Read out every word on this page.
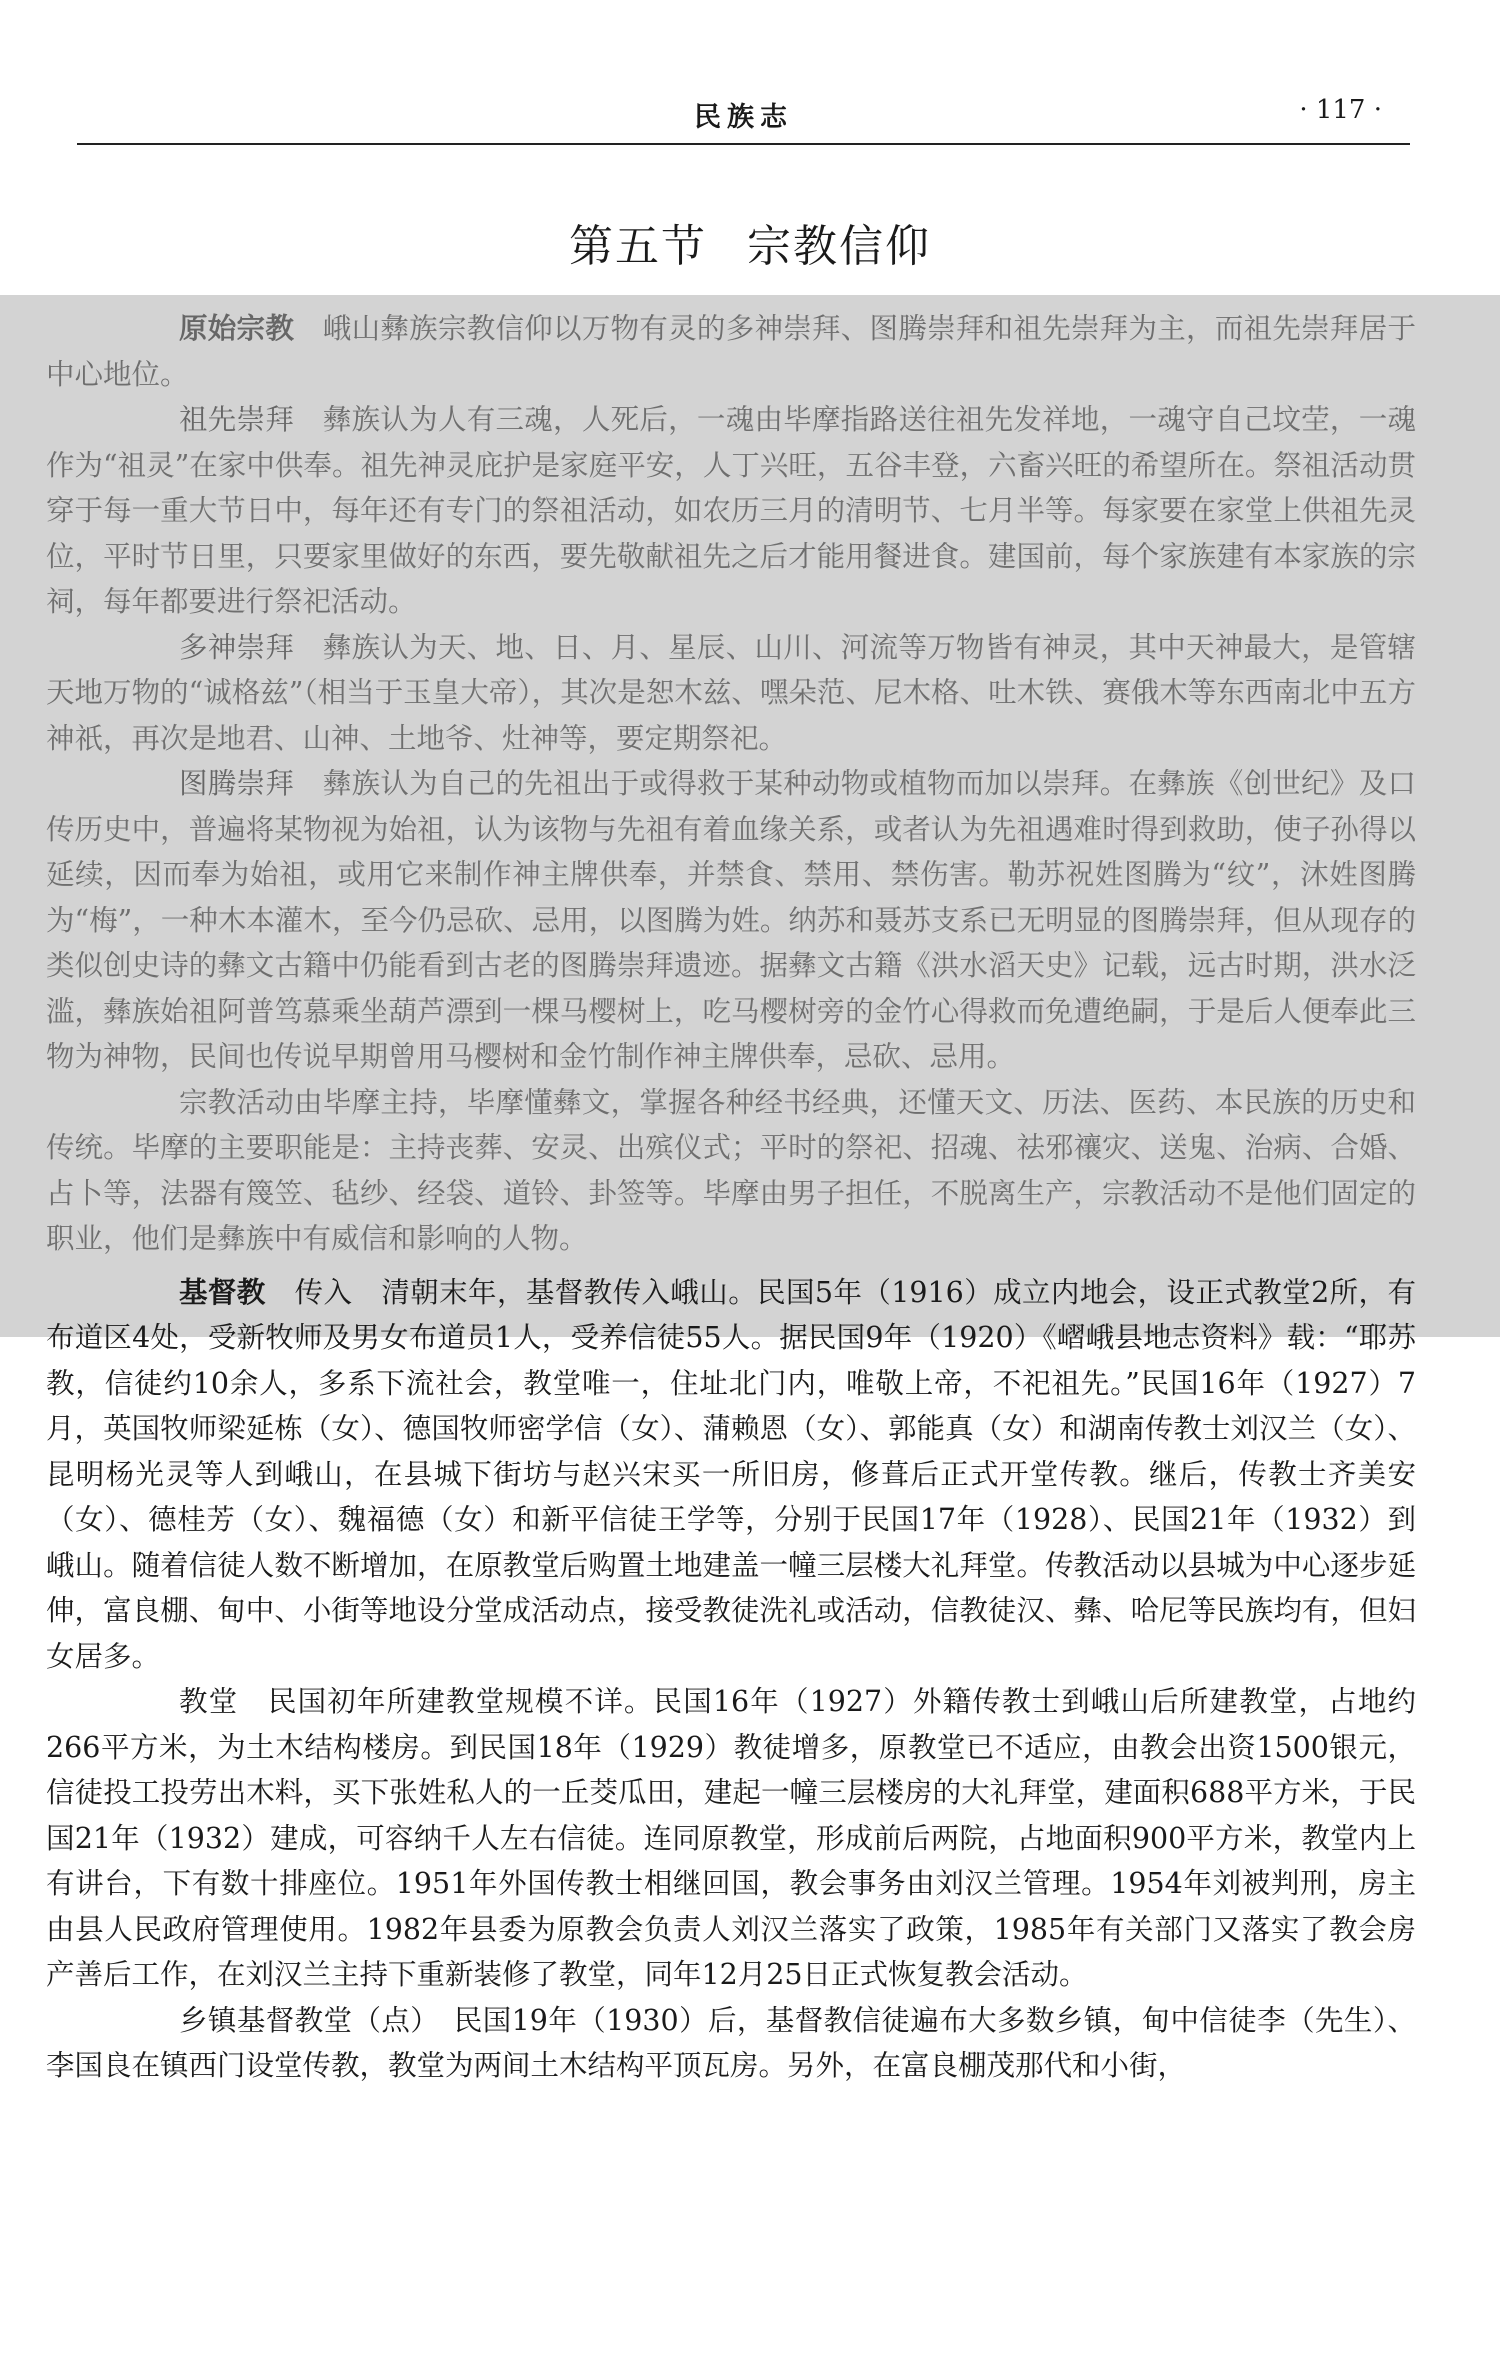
民族志	· 117 ·
第五节 宗教信仰

原始宗教　峨山彝族宗教信仰以万物有灵的多神崇拜、图腾崇拜和祖先崇拜为主，而祖先崇拜居于中心地位。

祖先崇拜　彝族认为人有三魂，人死后，一魂由毕摩指路送往祖先发祥地，一魂守自己坟茔，一魂作为“祖灵”在家中供奉。祖先神灵庇护是家庭平安，人丁兴旺，五谷丰登，六畜兴旺的希望所在。祭祖活动贯穿于每一重大节日中，每年还有专门的祭祖活动，如农历三月的清明节、七月半等。每家要在家堂上供祖先灵位，平时节日里，只要家里做好的东西，要先敬献祖先之后才能用餐进食。建国前，每个家族建有本家族的宗祠，每年都要进行祭祀活动。

多神崇拜　彝族认为天、地、日、月、星辰、山川、河流等万物皆有神灵，其中天神最大，是管辖天地万物的“诚格兹”（相当于玉皇大帝），其次是恕木兹、嘿朵范、尼木格、吐木铁、赛俄木等东西南北中五方神祇，再次是地君、山神、土地爷、灶神等，要定期祭祀。

图腾崇拜　彝族认为自己的先祖出于或得救于某种动物或植物而加以崇拜。在彝族《创世纪》及口传历史中，普遍将某物视为始祖，认为该物与先祖有着血缘关系，或者认为先祖遇难时得到救助，使子孙得以延续，因而奉为始祖，或用它来制作神主牌供奉，并禁食、禁用、禁伤害。勒苏祝姓图腾为“纹”，沐姓图腾为“梅”，一种木本灌木，至今仍忌砍、忌用，以图腾为姓。纳苏和聂苏支系已无明显的图腾崇拜，但从现存的类似创史诗的彝文古籍中仍能看到古老的图腾崇拜遗迹。据彝文古籍《洪水滔天史》记载，远古时期，洪水泛滥，彝族始祖阿普笃慕乘坐葫芦漂到一棵马樱树上，吃马樱树旁的金竹心得救而免遭绝嗣，于是后人便奉此三物为神物，民间也传说早期曾用马樱树和金竹制作神主牌供奉，忌砍、忌用。

宗教活动由毕摩主持，毕摩懂彝文，掌握各种经书经典，还懂天文、历法、医药、本民族的历史和传统。毕摩的主要职能是：主持丧葬、安灵、出殡仪式；平时的祭祀、招魂、祛邪禳灾、送鬼、治病、合婚、占卜等，法器有篾笠、毡纱、经袋、道铃、卦签等。毕摩由男子担任，不脱离生产，宗教活动不是他们固定的职业，他们是彝族中有威信和影响的人物。

基督教　 传入　清朝末年，基督教传入峨山。民国5年（1916）成立内地会，设正式教堂2所，有布道区4处，受新牧师及男女布道员1人，受养信徒55人。据民国9年（1920）《嶍峨县地志资料》载：“耶苏教，信徒约10余人，多系下流社会，教堂唯一，住址北门内，唯敬上帝，不祀祖先。”民国16年（1927）7月，英国牧师梁延栋（女）、德国牧师密学信（女）、蒲赖恩（女）、郭能真（女）和湖南传教士刘汉兰（女）、昆明杨光灵等人到峨山，在县城下街坊与赵兴宋买一所旧房，修葺后正式开堂传教。继后，传教士齐美安（女）、德桂芳（女）、魏福德（女）和新平信徒王学等，分别于民国17年（1928）、民国21年（1932）到峨山。随着信徒人数不断增加，在原教堂后购置土地建盖一幢三层楼大礼拜堂。传教活动以县城为中心逐步延伸，富良棚、甸中、小街等地设分堂成活动点，接受教徒洗礼或活动，信教徒汉、彝、哈尼等民族均有，但妇女居多。

教堂　民国初年所建教堂规模不详。民国16年（1927）外籍传教士到峨山后所建教堂，占地约266平方米，为土木结构楼房。到民国18年（1929）教徒增多，原教堂已不适应，由教会出资1500银元，信徒投工投劳出木料，买下张姓私人的一丘茭瓜田，建起一幢三层楼房的大礼拜堂，建面积688平方米，于民国21年（1932）建成，可容纳千人左右信徒。连同原教堂，形成前后两院，占地面积900平方米，教堂内上有讲台，下有数十排座位。1951年外国传教士相继回国，教会事务由刘汉兰管理。1954年刘被判刑，房主由县人民政府管理使用。1982年县委为原教会负责人刘汉兰落实了政策，1985年有关部门又落实了教会房产善后工作，在刘汉兰主持下重新装修了教堂，同年12月25日正式恢复教会活动。

乡镇基督教堂（点）　民国19年（1930）后，基督教信徒遍布大多数乡镇，甸中信徒李（先生）、李国良在镇西门设堂传教，教堂为两间土木结构平顶瓦房。另外，在富良棚茂那代和小街，
